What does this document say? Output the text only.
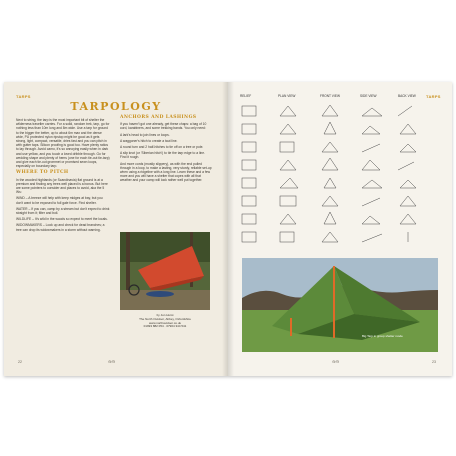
TARPS
TARPOLOGY

Next to string, the tarp is the most important bit of shelter the wilderness traveller carries. For a solid, random trek, tarp, go for nothing less than 10m long and 8m wide. Use a tarp for ground to the bigger the better, up to about 6m max and the dense wide, PU protected nylon ripstop might be good as it gets strong, light, compact, versatile, dries fast and you can pitch in with gutter taps. Silicon proofing is good too. Have plenty ratios to lay through. Avoid camo, it's so annoying easily when in dark and use yellow, and you touch a loved dribble through. Go for wedding shape and plenty of hems (one for each tie-out tie-tarp) and give each tie-out grommet or promised sewn loops, especially on boundary tarp.

WHERE TO PITCH

In the wooded highlands (or Scandinavia) flat ground is at a premium and finding any trees well placed is a bonus. But here are some pointers to consider and places to avoid, aka the 5 Ws:

WIND – A breeze will help with keep midges at bay, but you don't want to be exposed to full gale force. Find shelter.

WATER – If you can, camp by a stream but don't expect to drink straight from it; filter and boil.

WILDLIFE – It's wild in the woods so expect to meet the locals.

WIDOWMAKERS – Look up and check for dead branches; a tree can drop its widowmakers in a storm without warning.

ANCHORS AND LASHINGS

If you haven't got one already, get these chaps: a bag of 10 cord, karabiners, and some trekking bands. You only need:

A lark's head to join lines or loops.

A waggoner's hitch to create a taut line.

A round turn and 2 half-hitches to tie off on a tree or pole.

A slip knot (or 'Siberian hitch') to tie the tarp edge to a line. Find it rough.

And more cords (mostly slippery), as with the end pulled through in a loop, to make a lasting, very sturdy, reliable set-up when using a ridgeline with a long line. Learn these and a few more and you will have a shelter that copes with all that weather and your camp will look rather well put together.

by Jon Hurst
The North Outdoor, Abbey, Oxfordshire
www.northoutdoor.co.uk
01993 882 054 · 07904 344 541
22	⊖∕⊖
TARPS
RELIEF	PLAN VIEW	FRONT VIEW	SIDE VIEW	BACK VIEW
Big Tarp in group shelter mode
23
⊖∕⊖
